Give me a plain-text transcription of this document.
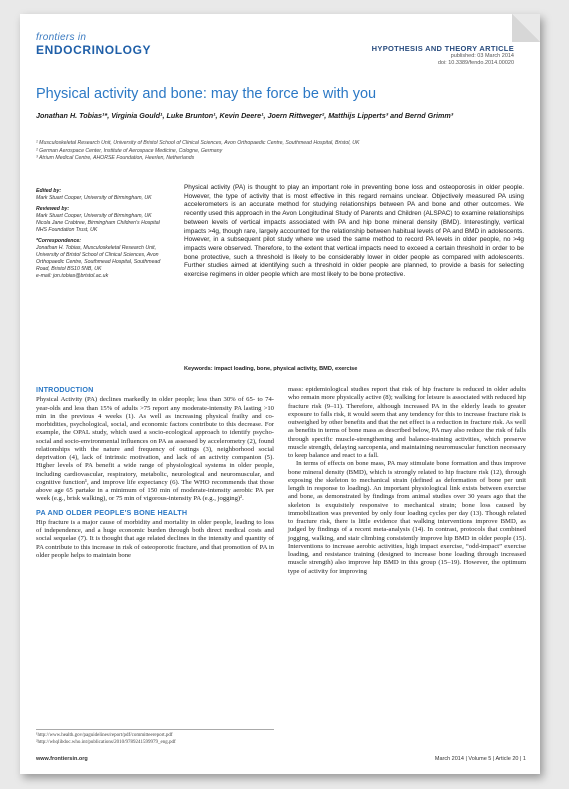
frontiers in
ENDOCRINOLOGY	HYPOTHESIS AND THEORY ARTICLE
published: 03 March 2014
doi: 10.3389/fendo.2014.00020
Physical activity and bone: may the force be with you
Jonathan H. Tobias¹*, Virginia Gould¹, Luke Brunton¹, Kevin Deere¹, Joern Rittweger², Matthijs Lipperts³ and Bernd Grimm³
¹ Musculoskeletal Research Unit, University of Bristol School of Clinical Sciences, Avon Orthopaedic Centre, Southmead Hospital, Bristol, UK
² German Aerospace Center, Institute of Aerospace Medicine, Cologne, Germany
³ Atrium Medical Centre, AHORSE Foundation, Heerlen, Netherlands
Edited by:
Mark Stuart Cooper, University of Birmingham, UK
Reviewed by:
Mark Stuart Cooper, University of Birmingham, UK
Nicola Jane Crabtree, Birmingham Children's Hospital NHS Foundation Trust, UK
*Correspondence:
Jonathan H. Tobias, Musculoskeletal Research Unit, University of Bristol School of Clinical Sciences, Avon Orthopaedic Centre, Southmead Hospital, Southmead Road, Bristol BS10 5NB, UK
e-mail: jon.tobias@bristol.ac.uk
Physical activity (PA) is thought to play an important role in preventing bone loss and osteoporosis in older people. However, the type of activity that is most effective in this regard remains unclear. Objectively measured PA using accelerometers is an accurate method for studying relationships between PA and bone and other outcomes. We recently used this approach in the Avon Longitudinal Study of Parents and Children (ALSPAC) to examine relationships between levels of vertical impacts associated with PA and hip bone mineral density (BMD). Interestingly, vertical impacts >4g, though rare, largely accounted for the relationship between habitual levels of PA and BMD in adolescents. However, in a subsequent pilot study where we used the same method to record PA levels in older people, no >4g impacts were observed. Therefore, to the extent that vertical impacts need to exceed a certain threshold in order to be bone protective, such a threshold is likely to be considerably lower in older people as compared with adolescents. Further studies aimed at identifying such a threshold in older people are planned, to provide a basis for selecting exercise regimens in older people which are most likely to be bone protective.
Keywords: impact loading, bone, physical activity, BMD, exercise
INTRODUCTION

Physical Activity (PA) declines markedly in older people; less than 30% of 65- to 74-year-olds and less than 15% of adults >75 report any moderate-intensity PA lasting >10 min in the previous 4 weeks (1). As well as increasing physical frailty and co-morbidities, psychological, social, and economic factors contribute to this decrease. For example, the OPAL study, which used a socio-ecological approach to identify psycho-social and socio-environmental influences on PA as assessed by accelerometry (2), found relationships with the nature and frequency of outings (3), neighborhood social deprivation (4), lack of intrinsic motivation, and lack of an activity companion (5). Higher levels of PA benefit a wide range of physiological systems in older people, including cardiovascular, respiratory, metabolic, neurological and neuromuscular, and cognitive function¹, and improve life expectancy (6). The WHO recommends that those above age 65 partake in a minimum of 150 min of moderate-intensity aerobic PA per week (e.g., brisk walking), or 75 min of vigorous-intensity PA (e.g., jogging)².

PA AND OLDER PEOPLE'S BONE HEALTH

Hip fracture is a major cause of morbidity and mortality in older people, leading to loss of independence, and a huge economic burden through both direct medical costs and social sequelae (7). It is thought that age related declines in the intensity and quantity of PA contribute to this increase in risk of osteoporotic fracture, and that promotion of PA in older people helps to maintain bone

mass: epidemiological studies report that risk of hip fracture is reduced in older adults who remain more physically active (8); walking for leisure is associated with reduced hip fracture risk (9–11). Therefore, although increased PA in the elderly leads to greater exposure to falls risk, it would seem that any tendency for this to increase fracture risk is outweighed by other benefits and that the net effect is a reduction in fracture risk. As well as benefits in terms of bone mass as described below, PA may also reduce the risk of falls through specific muscle-strengthening and balance-training activities, which preserve muscle strength, delaying sarcopenia, and maintaining neuromuscular function necessary to keep balance and react to a fall.

In terms of effects on bone mass, PA may stimulate bone formation and thus improve bone mineral density (BMD), which is strongly related to hip fracture risk (12), through exposing the skeleton to mechanical strain (defined as deformation of bone per unit length in response to loading). An important physiological link exists between exercise and bone, as demonstrated by findings from animal studies over 30 years ago that the skeleton is exquisitely responsive to mechanical strain; bone loss caused by immobilization was prevented by only four loading cycles per day (13). Though related to fracture risk, there is little evidence that walking interventions improve BMD, as judged by findings of a recent meta-analysis (14). In contrast, protocols that combined jogging, walking, and stair climbing consistently improve hip BMD in older people (15). Interventions to increase aerobic activities, high impact exercise, “odd-impact” exercise loading, and resistance training (designed to increase bone loading through increased muscle strength) also improve hip BMD in this group (15–19). However, the optimum type of activity for improving

¹http://www.health.gov/paguidelines/report/pdf/committeereport.pdf
²http://whqlibdoc.who.int/publications/2010/9789241599979_eng.pdf
www.frontiersin.org	March 2014 | Volume 5 | Article 20 | 1
